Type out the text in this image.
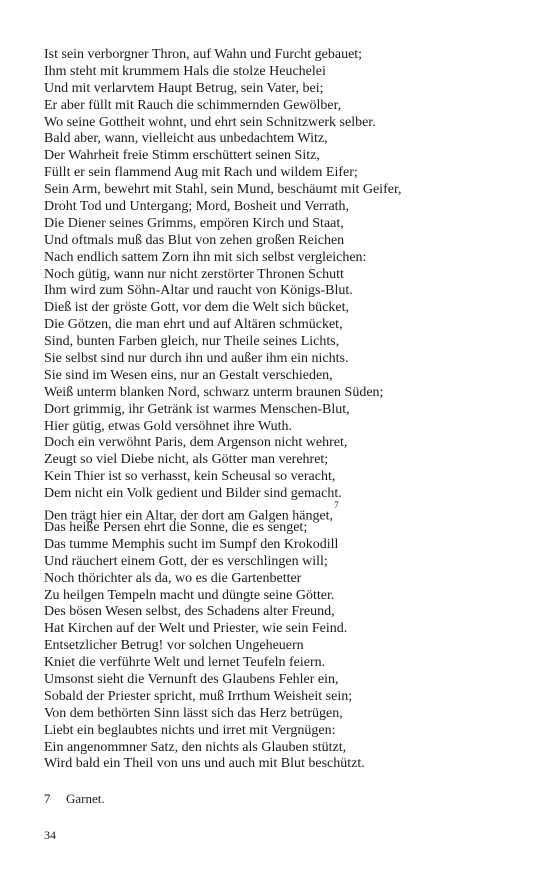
Ist sein verborgner Thron, auf Wahn und Furcht gebauet;
Ihm steht mit krummem Hals die stolze Heuchelei
Und mit verlarvtem Haupt Betrug, sein Vater, bei;
Er aber füllt mit Rauch die schimmernden Gewölber,
Wo seine Gottheit wohnt, und ehrt sein Schnitzwerk selber.
Bald aber, wann, vielleicht aus unbedachtem Witz,
Der Wahrheit freie Stimm erschüttert seinen Sitz,
Füllt er sein flammend Aug mit Rach und wildem Eifer;
Sein Arm, bewehrt mit Stahl, sein Mund, beschäumt mit Geifer,
Droht Tod und Untergang; Mord, Bosheit und Verrath,
Die Diener seines Grimms, empören Kirch und Staat,
Und oftmals muß das Blut von zehen großen Reichen
Nach endlich sattem Zorn ihn mit sich selbst vergleichen:
Noch gütig, wann nur nicht zerstörter Thronen Schutt
Ihm wird zum Söhn-Altar und raucht von Königs-Blut.
Dieß ist der gröste Gott, vor dem die Welt sich bücket,
Die Götzen, die man ehrt und auf Altären schmücket,
Sind, bunten Farben gleich, nur Theile seines Lichts,
Sie selbst sind nur durch ihn und außer ihm ein nichts.
Sie sind im Wesen eins, nur an Gestalt verschieden,
Weiß unterm blanken Nord, schwarz unterm braunen Süden;
Dort grimmig, ihr Getränk ist warmes Menschen-Blut,
Hier gütig, etwas Gold versöhnet ihre Wuth.
Doch ein verwöhnt Paris, dem Argenson nicht wehret,
Zeugt so viel Diebe nicht, als Götter man verehret;
Kein Thier ist so verhasst, kein Scheusal so veracht,
Dem nicht ein Volk gedient und Bilder sind gemacht.
Den trägt hier ein Altar, der dort am Galgen hänget,$^7$
Das heiße Persen ehrt die Sonne, die es senget;
Das tumme Memphis sucht im Sumpf den Krokodill
Und räuchert einem Gott, der es verschlingen will;
Noch thörichter als da, wo es die Gartenbetter
Zu heilgen Tempeln macht und düngte seine Götter.
Des bösen Wesen selbst, des Schadens alter Freund,
Hat Kirchen auf der Welt und Priester, wie sein Feind.
Entsetzlicher Betrug! vor solchen Ungeheuern
Kniet die verführte Welt und lernet Teufeln feiern.
Umsonst sieht die Vernunft des Glaubens Fehler ein,
Sobald der Priester spricht, muß Irrthum Weisheit sein;
Von dem bethörten Sinn lässt sich das Herz betrügen,
Liebt ein beglaubtes nichts und irret mit Vergnügen:
Ein angenommner Satz, den nichts als Glauben stützt,
Wird bald ein Theil von uns und auch mit Blut beschützt.
7 Garnet.
34
